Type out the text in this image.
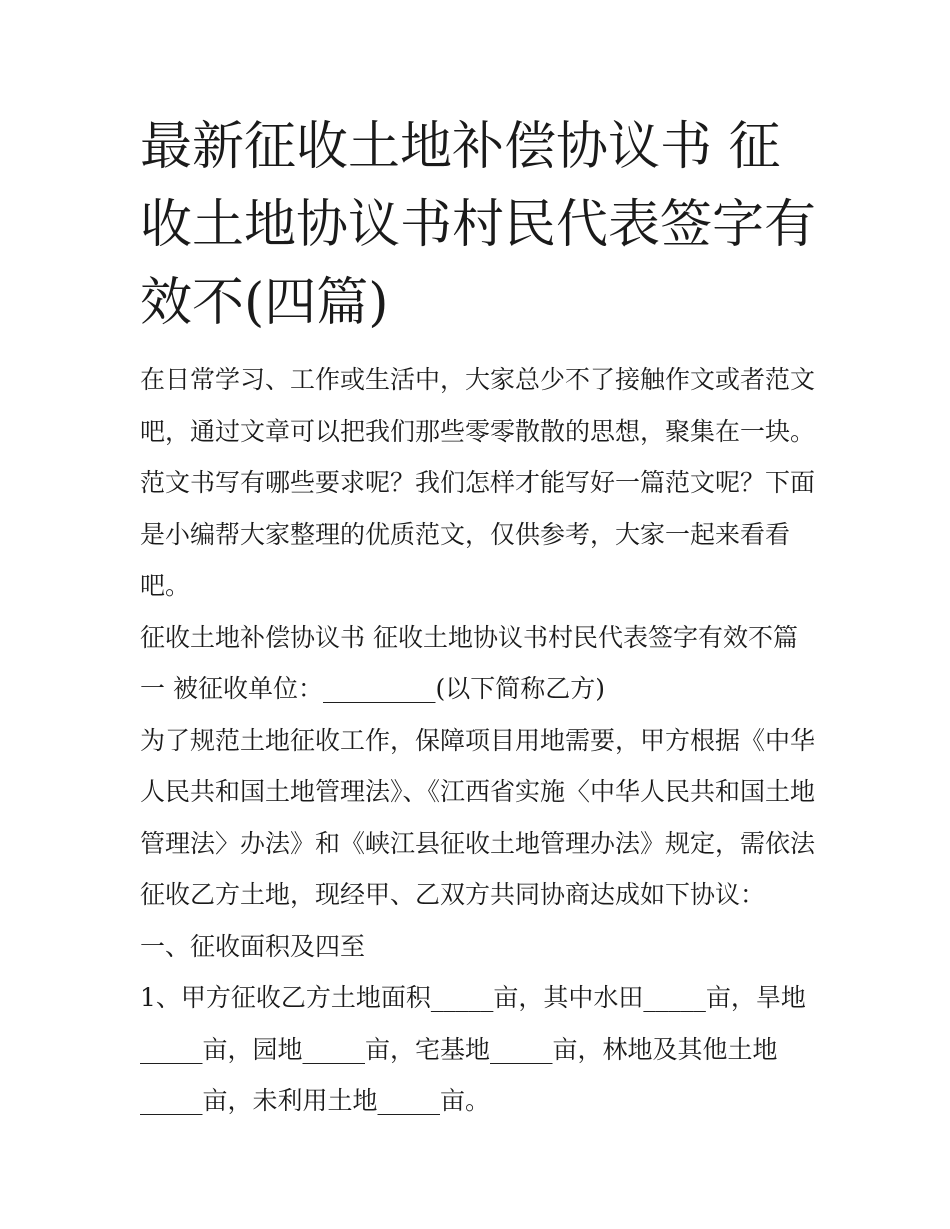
最新征收土地补偿协议书 征收土地协议书村民代表签字有效不(四篇)

在日常学习、工作或生活中，大家总少不了接触作文或者范文吧，通过文章可以把我们那些零零散散的思想，聚集在一块。范文书写有哪些要求呢？我们怎样才能写好一篇范文呢？下面是小编帮大家整理的优质范文，仅供参考，大家一起来看看吧。

征收土地补偿协议书 征收土地协议书村民代表签字有效不篇一 被征收单位：_________(以下简称乙方)

为了规范土地征收工作，保障项目用地需要，甲方根据《中华人民共和国土地管理法》、《江西省实施〈中华人民共和国土地管理法〉办法》和《峡江县征收土地管理办法》规定，需依法征收乙方土地，现经甲、乙双方共同协商达成如下协议：

一、征收面积及四至

1、甲方征收乙方土地面积_____亩，其中水田_____亩，旱地_____亩，园地_____亩，宅基地_____亩，林地及其他土地_____亩，未利用土地_____亩。
